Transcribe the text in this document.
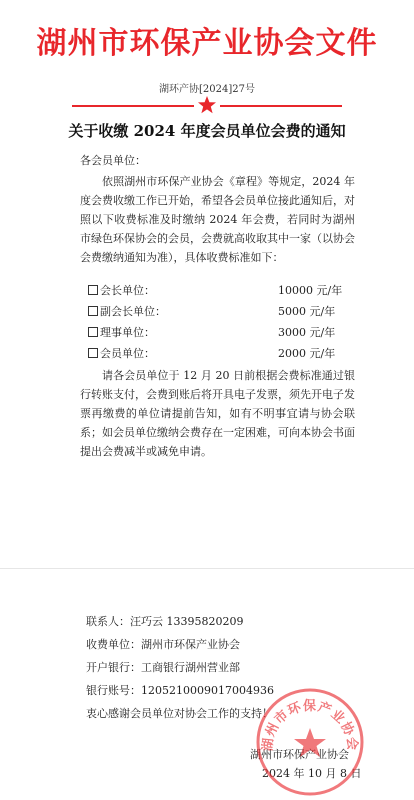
湖州市环保产业协会文件
湖环产协[2024]27号
关于收缴 2024 年度会员单位会费的通知
各会员单位：
依照湖州市环保产业协会《章程》等规定，2024 年度会费收缴工作已开始，希望各会员单位接此通知后，对照以下收费标准及时缴纳 2024 年会费，若同时为湖州市绿色环保协会的会员，会费就高收取其中一家（以协会会费缴纳通知为准），具体收费标准如下：
会长单位：	10000 元/年
副会长单位：	5000 元/年
理事单位：	3000 元/年
会员单位：	2000 元/年
请各会员单位于 12 月 20 日前根据会费标准通过银行转账支付，会费到账后将开具电子发票，须先开电子发票再缴费的单位请提前告知，如有不明事宜请与协会联系；如会员单位缴纳会费存在一定困难，可向本协会书面提出会费减半或减免申请。
联系人：汪巧云 13395820209
收费单位：湖州市环保产业协会
开户银行：工商银行湖州营业部
银行账号：1205210009017004936
衷心感谢会员单位对协会工作的支持！
湖州市环保产业协会
2024 年 10 月 8 日
湖州市环保产业协会
